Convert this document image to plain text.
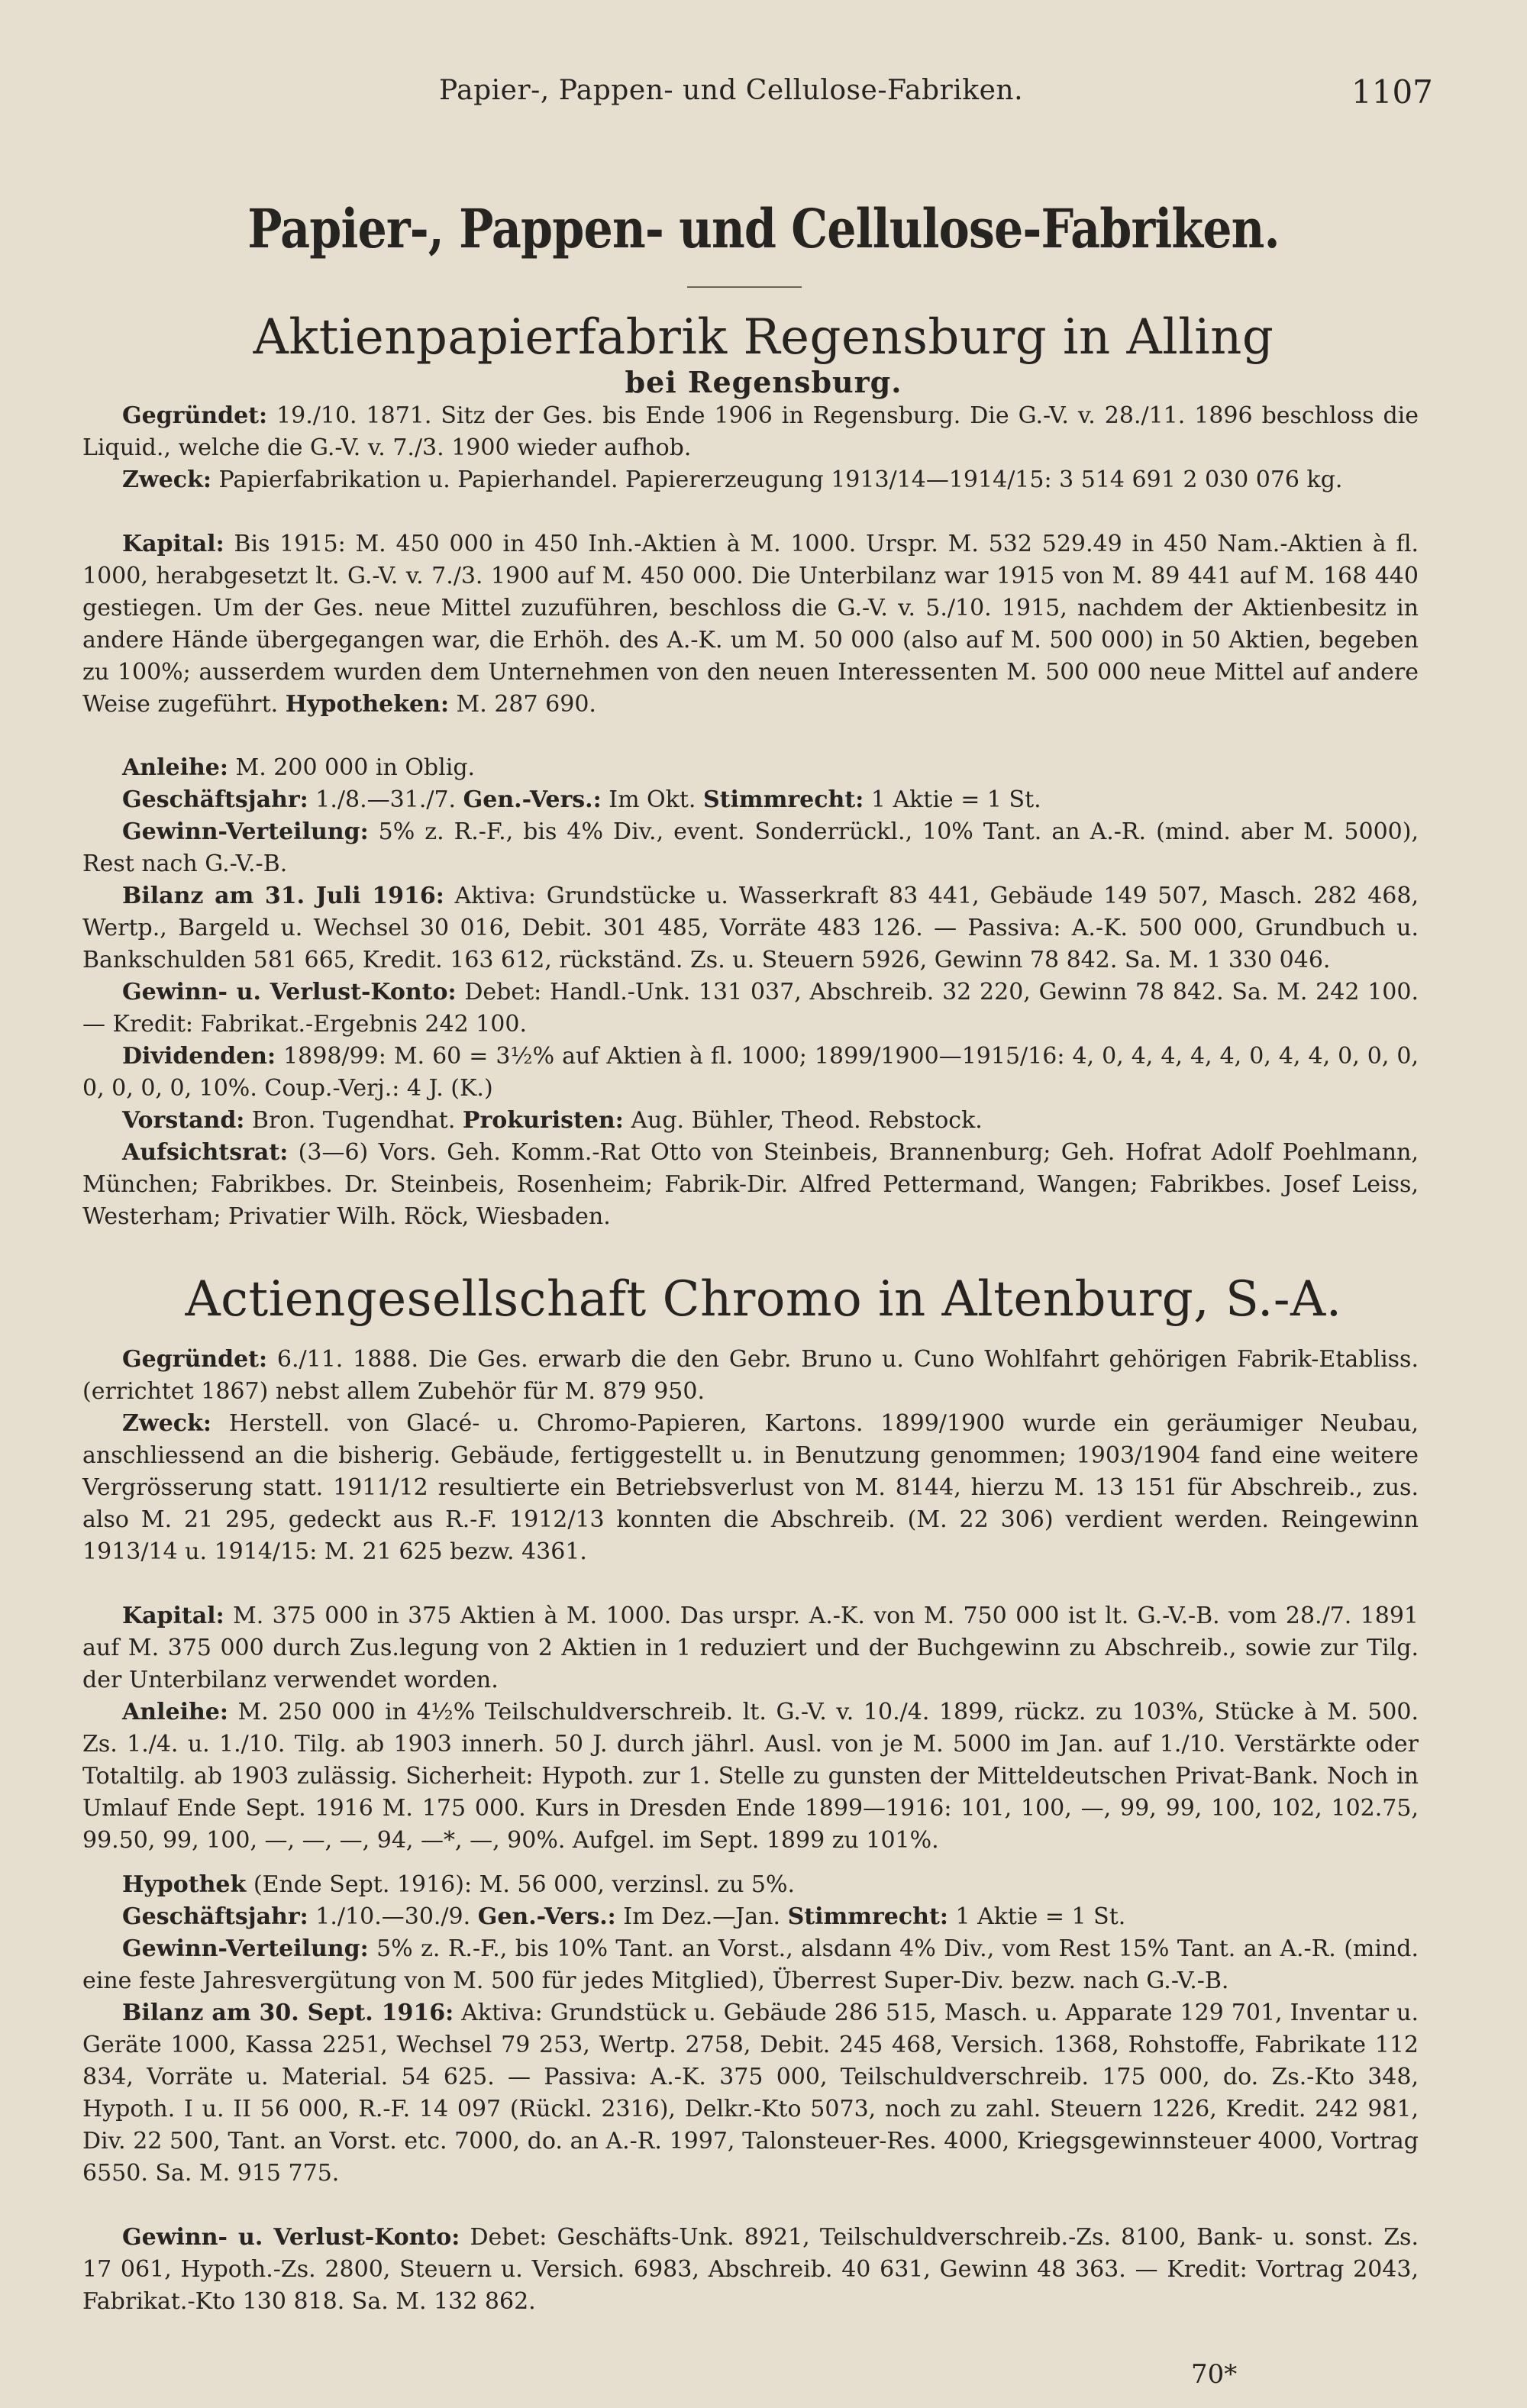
Papier-, Pappen- und Cellulose-Fabriken.	1107
Papier-, Pappen- und Cellulose-Fabriken.
Aktienpapierfabrik Regensburg in Alling
bei Regensburg.

Gegründet: 19./10. 1871. Sitz der Ges. bis Ende 1906 in Regensburg. Die G.-V. v. 28./11. 1896 beschloss die Liquid., welche die G.-V. v. 7./3. 1900 wieder aufhob.

Zweck: Papierfabrikation u. Papierhandel. Papiererzeugung 1913/14—1914/15: 3 514 691 2 030 076 kg.

Kapital: Bis 1915: M. 450 000 in 450 Inh.-Aktien à M. 1000. Urspr. M. 532 529.49 in 450 Nam.-Aktien à fl. 1000, herabgesetzt lt. G.-V. v. 7./3. 1900 auf M. 450 000. Die Unterbilanz war 1915 von M. 89 441 auf M. 168 440 gestiegen. Um der Ges. neue Mittel zuzuführen, beschloss die G.-V. v. 5./10. 1915, nachdem der Aktienbesitz in andere Hände übergegangen war, die Erhöh. des A.-K. um M. 50 000 (also auf M. 500 000) in 50 Aktien, begeben zu 100%; ausserdem wurden dem Unternehmen von den neuen Interessenten M. 500 000 neue Mittel auf andere Weise zugeführt. Hypotheken: M. 287 690.

Anleihe: M. 200 000 in Oblig.

Geschäftsjahr: 1./8.—31./7. Gen.-Vers.: Im Okt. Stimmrecht: 1 Aktie = 1 St.

Gewinn-Verteilung: 5% z. R.-F., bis 4% Div., event. Sonderrückl., 10% Tant. an A.-R. (mind. aber M. 5000), Rest nach G.-V.-B.

Bilanz am 31. Juli 1916: Aktiva: Grundstücke u. Wasserkraft 83 441, Gebäude 149 507, Masch. 282 468, Wertp., Bargeld u. Wechsel 30 016, Debit. 301 485, Vorräte 483 126. — Passiva: A.-K. 500 000, Grundbuch u. Bankschulden 581 665, Kredit. 163 612, rückständ. Zs. u. Steuern 5926, Gewinn 78 842. Sa. M. 1 330 046.

Gewinn- u. Verlust-Konto: Debet: Handl.-Unk. 131 037, Abschreib. 32 220, Gewinn 78 842. Sa. M. 242 100. — Kredit: Fabrikat.-Ergebnis 242 100.

Dividenden: 1898/99: M. 60 = 3½% auf Aktien à fl. 1000; 1899/1900—1915/16: 4, 0, 4, 4, 4, 4, 0, 4, 4, 0, 0, 0, 0, 0, 0, 0, 10%. Coup.-Verj.: 4 J. (K.)

Vorstand: Bron. Tugendhat. Prokuristen: Aug. Bühler, Theod. Rebstock.

Aufsichtsrat: (3—6) Vors. Geh. Komm.-Rat Otto von Steinbeis, Brannenburg; Geh. Hofrat Adolf Poehlmann, München; Fabrikbes. Dr. Steinbeis, Rosenheim; Fabrik-Dir. Alfred Pettermand, Wangen; Fabrikbes. Josef Leiss, Westerham; Privatier Wilh. Röck, Wiesbaden.

Actiengesellschaft Chromo in Altenburg, S.-A.

Gegründet: 6./11. 1888. Die Ges. erwarb die den Gebr. Bruno u. Cuno Wohlfahrt gehörigen Fabrik-Etabliss. (errichtet 1867) nebst allem Zubehör für M. 879 950.

Zweck: Herstell. von Glacé- u. Chromo-Papieren, Kartons. 1899/1900 wurde ein geräumiger Neubau, anschliessend an die bisherig. Gebäude, fertiggestellt u. in Benutzung genommen; 1903/1904 fand eine weitere Vergrösserung statt. 1911/12 resultierte ein Betriebsverlust von M. 8144, hierzu M. 13 151 für Abschreib., zus. also M. 21 295, gedeckt aus R.-F. 1912/13 konnten die Abschreib. (M. 22 306) verdient werden. Reingewinn 1913/14 u. 1914/15: M. 21 625 bezw. 4361.

Kapital: M. 375 000 in 375 Aktien à M. 1000. Das urspr. A.-K. von M. 750 000 ist lt. G.-V.-B. vom 28./7. 1891 auf M. 375 000 durch Zus.legung von 2 Aktien in 1 reduziert und der Buchgewinn zu Abschreib., sowie zur Tilg. der Unterbilanz verwendet worden.

Anleihe: M. 250 000 in 4½% Teilschuldverschreib. lt. G.-V. v. 10./4. 1899, rückz. zu 103%, Stücke à M. 500. Zs. 1./4. u. 1./10. Tilg. ab 1903 innerh. 50 J. durch jährl. Ausl. von je M. 5000 im Jan. auf 1./10. Verstärkte oder Totaltilg. ab 1903 zulässig. Sicherheit: Hypoth. zur 1. Stelle zu gunsten der Mitteldeutschen Privat-Bank. Noch in Umlauf Ende Sept. 1916 M. 175 000. Kurs in Dresden Ende 1899—1916: 101, 100, —, 99, 99, 100, 102, 102.75, 99.50, 99, 100, —, —, —, 94, —*, —, 90%. Aufgel. im Sept. 1899 zu 101%.

Hypothek (Ende Sept. 1916): M. 56 000, verzinsl. zu 5%.

Geschäftsjahr: 1./10.—30./9. Gen.-Vers.: Im Dez.—Jan. Stimmrecht: 1 Aktie = 1 St.

Gewinn-Verteilung: 5% z. R.-F., bis 10% Tant. an Vorst., alsdann 4% Div., vom Rest 15% Tant. an A.-R. (mind. eine feste Jahresvergütung von M. 500 für jedes Mitglied), Überrest Super-Div. bezw. nach G.-V.-B.

Bilanz am 30. Sept. 1916: Aktiva: Grundstück u. Gebäude 286 515, Masch. u. Apparate 129 701, Inventar u. Geräte 1000, Kassa 2251, Wechsel 79 253, Wertp. 2758, Debit. 245 468, Versich. 1368, Rohstoffe, Fabrikate 112 834, Vorräte u. Material. 54 625. — Passiva: A.-K. 375 000, Teilschuldverschreib. 175 000, do. Zs.-Kto 348, Hypoth. I u. II 56 000, R.-F. 14 097 (Rückl. 2316), Delkr.-Kto 5073, noch zu zahl. Steuern 1226, Kredit. 242 981, Div. 22 500, Tant. an Vorst. etc. 7000, do. an A.-R. 1997, Talonsteuer-Res. 4000, Kriegsgewinnsteuer 4000, Vortrag 6550. Sa. M. 915 775.

Gewinn- u. Verlust-Konto: Debet: Geschäfts-Unk. 8921, Teilschuldverschreib.-Zs. 8100, Bank- u. sonst. Zs. 17 061, Hypoth.-Zs. 2800, Steuern u. Versich. 6983, Abschreib. 40 631, Gewinn 48 363. — Kredit: Vortrag 2043, Fabrikat.-Kto 130 818. Sa. M. 132 862.

70*
